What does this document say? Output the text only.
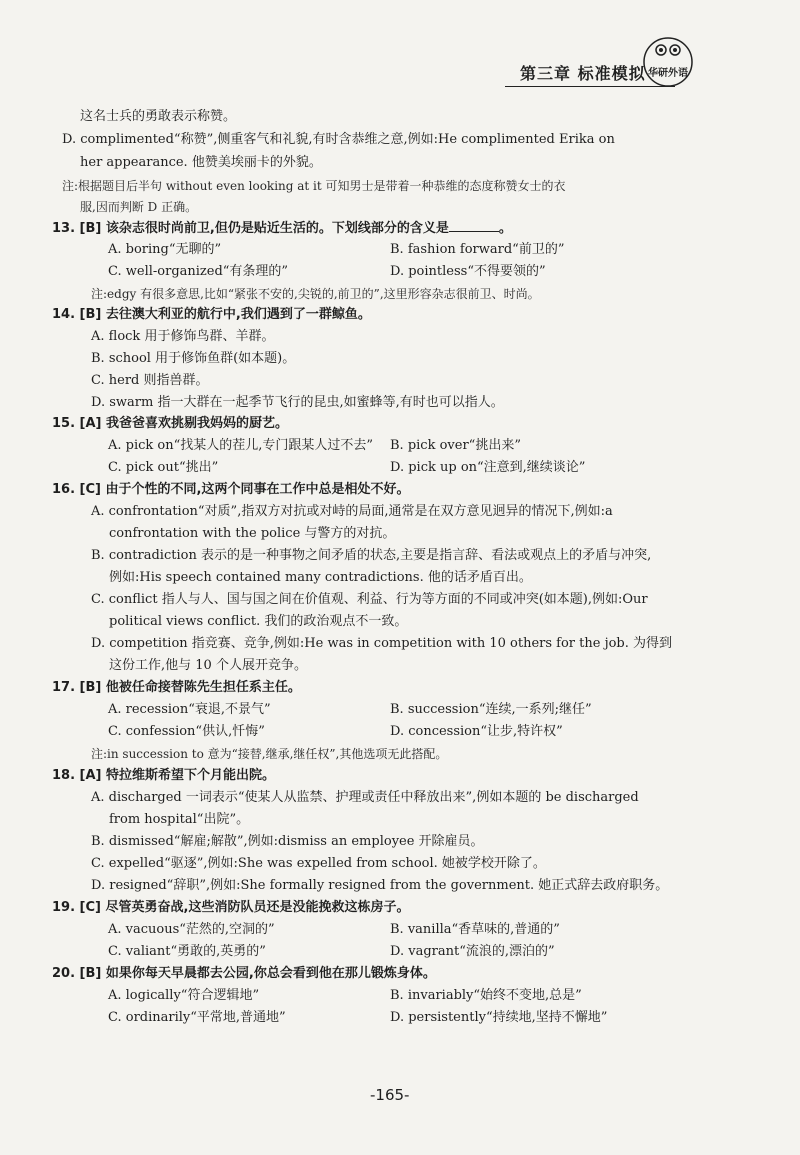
第三章 标准模拟 华研外语
这名士兵的勇敢表示称赞。
D. complimented“称赞”,侧重客气和礼貌,有时含恭维之意,例如:He complimented Erika on
her appearance. 他赞美埃丽卡的外貌。
注:根据题目后半句 without even looking at it 可知男士是带着一种恭维的态度称赞女士的衣
服,因而判断 D 正确。
13. [B] 该杂志很时尚前卫,但仍是贴近生活的。下划线部分的含义是	。
A. boring“无聊的”	B. fashion forward“前卫的”
C. well-organized“有条理的”	D. pointless“不得要领的”
注:edgy 有很多意思,比如“紧张不安的,尖锐的,前卫的”,这里形容杂志很前卫、时尚。
14. [B] 去往澳大利亚的航行中,我们遇到了一群鲸鱼。
A. flock 用于修饰鸟群、羊群。
B. school 用于修饰鱼群(如本题)。
C. herd 则指兽群。
D. swarm 指一大群在一起季节飞行的昆虫,如蜜蜂等,有时也可以指人。
15. [A] 我爸爸喜欢挑剔我妈妈的厨艺。
A. pick on“找某人的茬儿,专门跟某人过不去” B. pick over“挑出来”
C. pick out“挑出”	D. pick up on“注意到,继续谈论”
16. [C] 由于个性的不同,这两个同事在工作中总是相处不好。
A. confrontation“对质”,指双方对抗或对峙的局面,通常是在双方意见迥异的情况下,例如:a
confrontation with the police 与警方的对抗。
B. contradiction 表示的是一种事物之间矛盾的状态,主要是指言辞、看法或观点上的矛盾与冲突,
例如:His speech contained many contradictions. 他的话矛盾百出。
C. conflict 指人与人、国与国之间在价值观、利益、行为等方面的不同或冲突(如本题),例如:Our
political views conflict. 我们的政治观点不一致。
D. competition 指竞赛、竞争,例如:He was in competition with 10 others for the job. 为得到
这份工作,他与 10 个人展开竞争。
17. [B] 他被任命接替陈先生担任系主任。
A. recession“衰退,不景气”	B. succession“连续,一系列;继任”
C. confession“供认,忏悔”	D. concession“让步,特许权”
注:in succession to 意为“接替,继承,继任权”,其他选项无此搭配。
18. [A] 特拉维斯希望下个月能出院。
A. discharged 一词表示“使某人从监禁、护理或责任中释放出来”,例如本题的 be discharged
from hospital“出院”。
B. dismissed“解雇;解散”,例如:dismiss an employee 开除雇员。
C. expelled“驱逐”,例如:She was expelled from school. 她被学校开除了。
D. resigned“辞职”,例如:She formally resigned from the government. 她正式辞去政府职务。
19. [C] 尽管英勇奋战,这些消防队员还是没能挽救这栋房子。
A. vacuous“茫然的,空洞的”	B. vanilla“香草味的,普通的”
C. valiant“勇敢的,英勇的”	D. vagrant“流浪的,漂泊的”
20. [B] 如果你每天早晨都去公园,你总会看到他在那儿锻炼身体。
A. logically“符合逻辑地”	B. invariably“始终不变地,总是”
C. ordinarily“平常地,普通地”	D. persistently“持续地,坚持不懈地”
-165-
